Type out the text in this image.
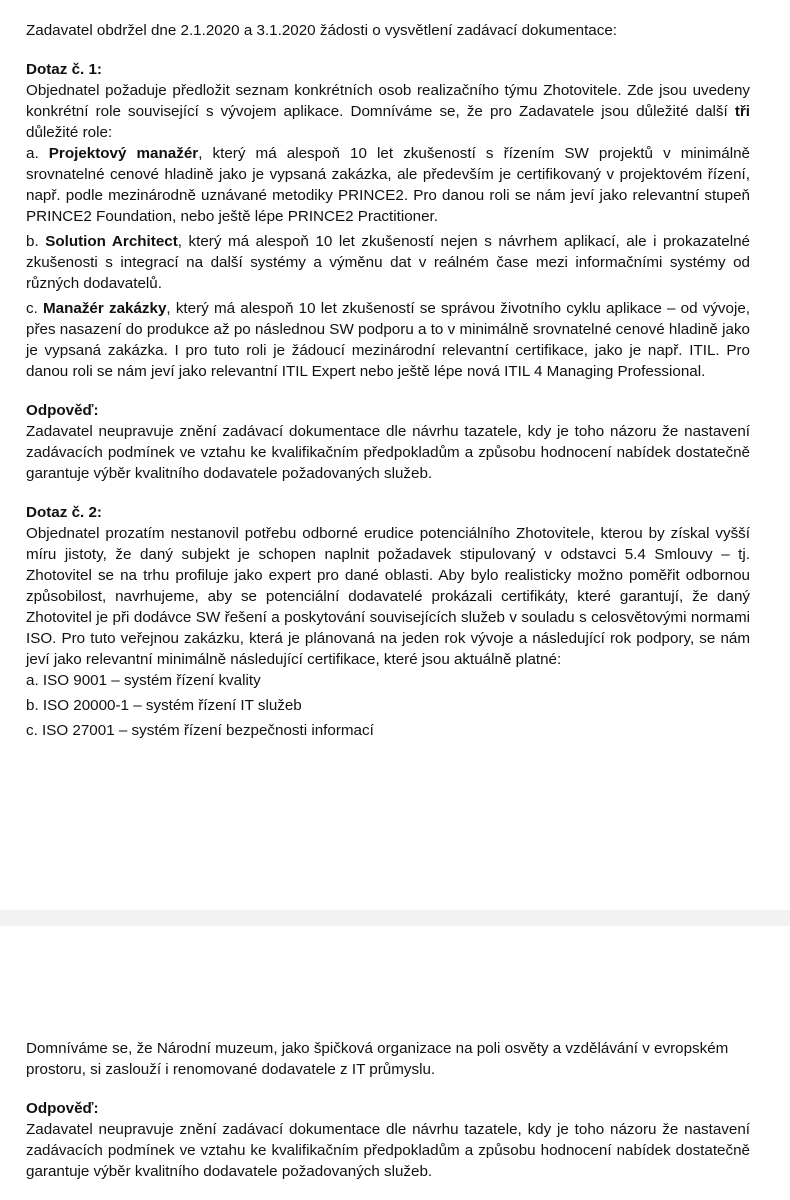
Zadavatel obdržel dne 2.1.2020 a 3.1.2020 žádosti o vysvětlení zadávací dokumentace:

Dotaz č. 1:

Objednatel požaduje předložit seznam konkrétních osob realizačního týmu Zhotovitele. Zde jsou uvedeny konkrétní role související s vývojem aplikace. Domníváme se, že pro Zadavatele jsou důležité další tři důležité role:

a. Projektový manažér, který má alespoň 10 let zkušeností s řízením SW projektů v minimálně srovnatelné cenové hladině jako je vypsaná zakázka, ale především je certifikovaný v projektovém řízení, např. podle mezinárodně uznávané metodiky PRINCE2. Pro danou roli se nám jeví jako relevantní stupeň PRINCE2 Foundation, nebo ještě lépe PRINCE2 Practitioner.

b. Solution Architect, který má alespoň 10 let zkušeností nejen s návrhem aplikací, ale i prokazatelné zkušenosti s integrací na další systémy a výměnu dat v reálném čase mezi informačními systémy od různých dodavatelů.

c. Manažér zakázky, který má alespoň 10 let zkušeností se správou životního cyklu aplikace – od vývoje, přes nasazení do produkce až po následnou SW podporu a to v minimálně srovnatelné cenové hladině jako je vypsaná zakázka. I pro tuto roli je žádoucí mezinárodní relevantní certifikace, jako je např. ITIL. Pro danou roli se nám jeví jako relevantní ITIL Expert nebo ještě lépe nová ITIL 4 Managing Professional.

Odpověď:

Zadavatel neupravuje znění zadávací dokumentace dle návrhu tazatele, kdy je toho názoru že nastavení zadávacích podmínek ve vztahu ke kvalifikačním předpokladům a způsobu hodnocení nabídek dostatečně garantuje výběr kvalitního dodavatele požadovaných služeb.

Dotaz č. 2:

Objednatel prozatím nestanovil potřebu odborné erudice potenciálního Zhotovitele, kterou by získal vyšší míru jistoty, že daný subjekt je schopen naplnit požadavek stipulovaný v odstavci 5.4 Smlouvy – tj. Zhotovitel se na trhu profiluje jako expert pro dané oblasti. Aby bylo realisticky možno poměřit odbornou způsobilost, navrhujeme, aby se potenciální dodavatelé prokázali certifikáty, které garantují, že daný Zhotovitel je při dodávce SW řešení a poskytování souvisejících služeb v souladu s celosvětovými normami ISO. Pro tuto veřejnou zakázku, která je plánovaná na jeden rok vývoje a následující rok podpory, se nám jeví jako relevantní minimálně následující certifikace, které jsou aktuálně platné:

a. ISO 9001 – systém řízení kvality

b. ISO 20000-1 – systém řízení IT služeb

c. ISO 27001 – systém řízení bezpečnosti informací

Domníváme se, že Národní muzeum, jako špičková organizace na poli osvěty a vzdělávání v evropském prostoru, si zaslouží i renomované dodavatele z IT průmyslu.

Odpověď:

Zadavatel neupravuje znění zadávací dokumentace dle návrhu tazatele, kdy je toho názoru že nastavení zadávacích podmínek ve vztahu ke kvalifikačním předpokladům a způsobu hodnocení nabídek dostatečně garantuje výběr kvalitního dodavatele požadovaných služeb.
